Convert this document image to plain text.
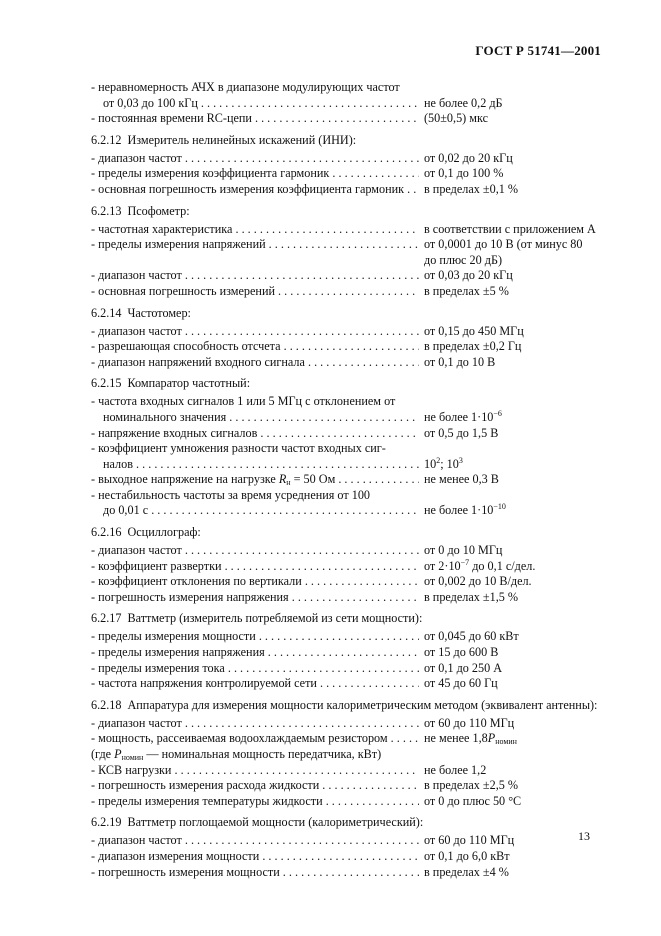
ГОСТ Р 51741—2001
- неравномерность АЧХ в диапазоне модулирующих частот
от 0,03 до 100 кГц . . .	не более 0,2 дБ
- постоянная времени RC-цепи . . .	(50±0,5) мкс
6.2.12 Измеритель нелинейных искажений (ИНИ):
- диапазон частот . . .	от 0,02 до 20 кГц
- пределы измерения коэффициента гармоник . . .	от 0,1 до 100 %
- основная погрешность измерения коэффициента гармоник . . .	в пределах ±0,1 %
6.2.13 Псофометр:
- частотная характеристика . . .	в соответствии с приложением А
- пределы измерения напряжений . . .	от 0,0001 до 10 В (от минус 80
до плюс 20 дБ)
- диапазон частот . . .	от 0,03 до 20 кГц
- основная погрешность измерений . . .	в пределах ±5 %
6.2.14 Частотомер:
- диапазон частот . . .	от 0,15 до 450 МГц
- разрешающая способность отсчета . . .	в пределах ±0,2 Гц
- диапазон напряжений входного сигнала . . .	от 0,1 до 10 В
6.2.15 Компаратор частотный:
- частота входных сигналов 1 или 5 МГц с отклонением от
номинального значения . . .	не более $1\cdot 10^{-6}$
- напряжение входных сигналов . . .	от 0,5 до 1,5 В
- коэффициент умножения разности частот входных сиг-
налов . . .	$10^2$; $10^3$
- выходное напряжение на нагрузке $R_н = 50$ Ом . . .	не менее 0,3 В
- нестабильность частоты за время усреднения от 100
до 0,01 с . . .	не более $1\cdot 10^{-10}$
6.2.16 Осциллограф:
- диапазон частот . . .	от 0 до 10 МГц
- коэффициент развертки . . .	от $2\cdot 10^{-7}$ до 0,1 с/дел.
- коэффициент отклонения по вертикали . . .	от 0,002 до 10 В/дел.
- погрешность измерения напряжения . . .	в пределах ±1,5 %
6.2.17 Ваттметр (измеритель потребляемой из сети мощности):
- пределы измерения мощности . . .	от 0,045 до 60 кВт
- пределы измерения напряжения . . .	от 15 до 600 В
- пределы измерения тока . . .	от 0,1 до 250 А
- частота напряжения контролируемой сети . . .	от 45 до 60 Гц
6.2.18 Аппаратура для измерения мощности калориметрическим методом (эквивалент антенны):
- диапазон частот . . .	от 60 до 110 МГц
- мощность, рассеиваемая водоохлаждаемым резистором . . .	не менее $1,8P_{номин}$
(где $P_{номин}$ — номинальная мощность передатчика, кВт)
- КСВ нагрузки . . .	не более 1,2
- погрешность измерения расхода жидкости . . .	в пределах ±2,5 %
- пределы измерения температуры жидкости . . .	от 0 до плюс 50 °С
6.2.19 Ваттметр поглощаемой мощности (калориметрический):
- диапазон частот . . .	от 60 до 110 МГц
- диапазон измерения мощности . . .	от 0,1 до 6,0 кВт
- погрешность измерения мощности . . .	в пределах ±4 %
13
